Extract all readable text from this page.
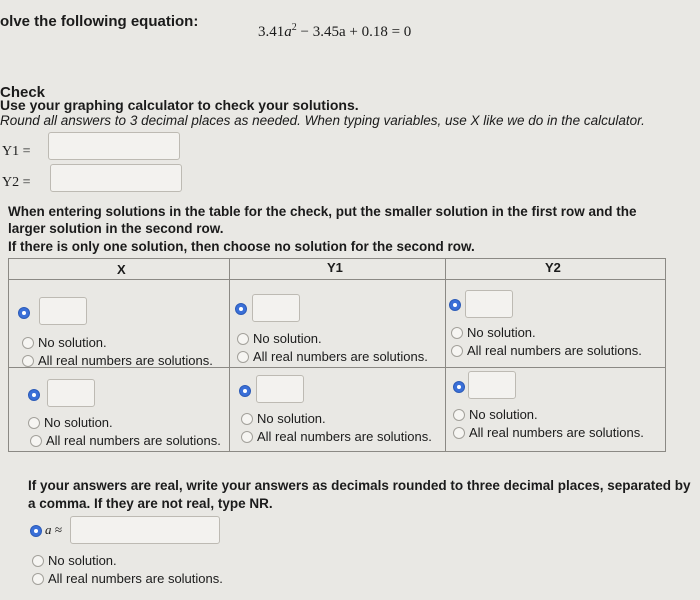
olve the following equation:
$3.41a^2 - 3.45a + 0.18 = 0$
Check
Use your graphing calculator to check your solutions.
Round all answers to 3 decimal places as needed. When typing variables, use X like we do in the calculator.
Y1 =
Y2 =
When entering solutions in the table for the check, put the smaller solution in the first row and the
larger solution in the second row.
If there is only one solution, then choose no solution for the second row.
X	Y1	Y2
No solution.
All real numbers are solutions.
No solution.
All real numbers are solutions.
No solution.
All real numbers are solutions.
No solution.
All real numbers are solutions.
No solution.
All real numbers are solutions.
No solution.
All real numbers are solutions.
If your answers are real, write your answers as decimals rounded to three decimal places, separated by
a comma. If they are not real, type NR.
a ≈
No solution.
All real numbers are solutions.
